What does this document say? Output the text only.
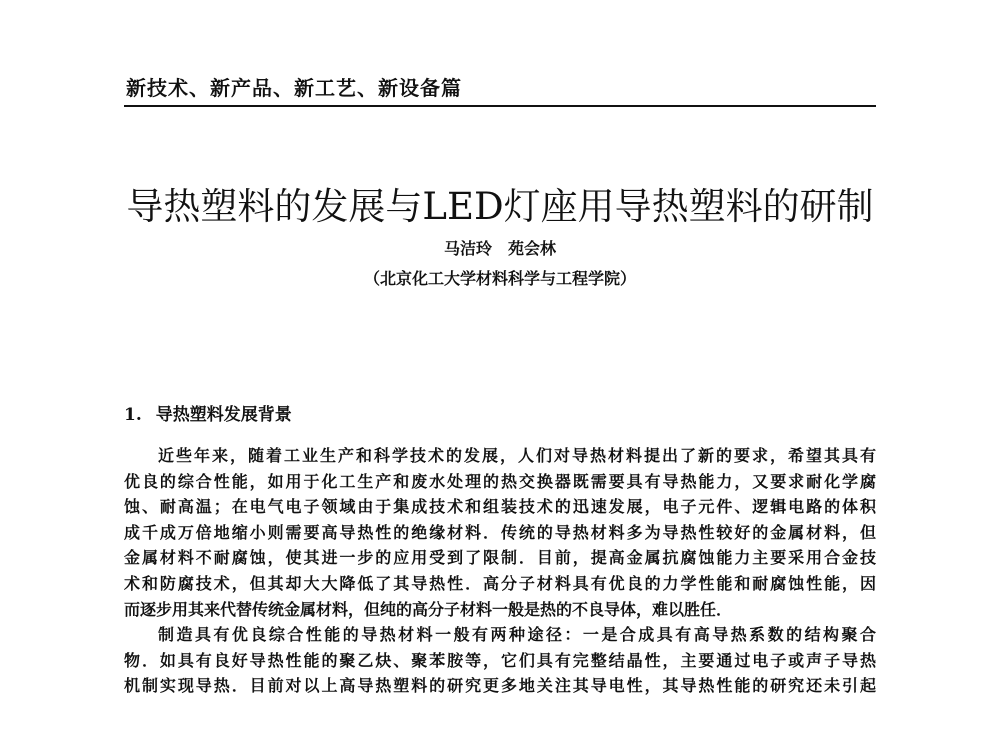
新技术、新产品、新工艺、新设备篇
导热塑料的发展与LED灯座用导热塑料的研制
马洁玲　苑会林
（北京化工大学材料科学与工程学院）
1. 导热塑料发展背景
近些年来，随着工业生产和科学技术的发展，人们对导热材料提出了新的要求，希望其具有
优良的综合性能，如用于化工生产和废水处理的热交换器既需要具有导热能力，又要求耐化学腐
蚀、耐高温；在电气电子领域由于集成技术和组装技术的迅速发展，电子元件、逻辑电路的体积
成千成万倍地缩小则需要高导热性的绝缘材料．传统的导热材料多为导热性较好的金属材料，但
金属材料不耐腐蚀，使其进一步的应用受到了限制．目前，提高金属抗腐蚀能力主要采用合金技
术和防腐技术，但其却大大降低了其导热性．高分子材料具有优良的力学性能和耐腐蚀性能，因
而逐步用其来代替传统金属材料，但纯的高分子材料一般是热的不良导体，难以胜任．
制造具有优良综合性能的导热材料一般有两种途径：一是合成具有高导热系数的结构聚合
物．如具有良好导热性能的聚乙炔、聚苯胺等，它们具有完整结晶性，主要通过电子或声子导热
机制实现导热．目前对以上高导热塑料的研究更多地关注其导电性，其导热性能的研究还未引起
